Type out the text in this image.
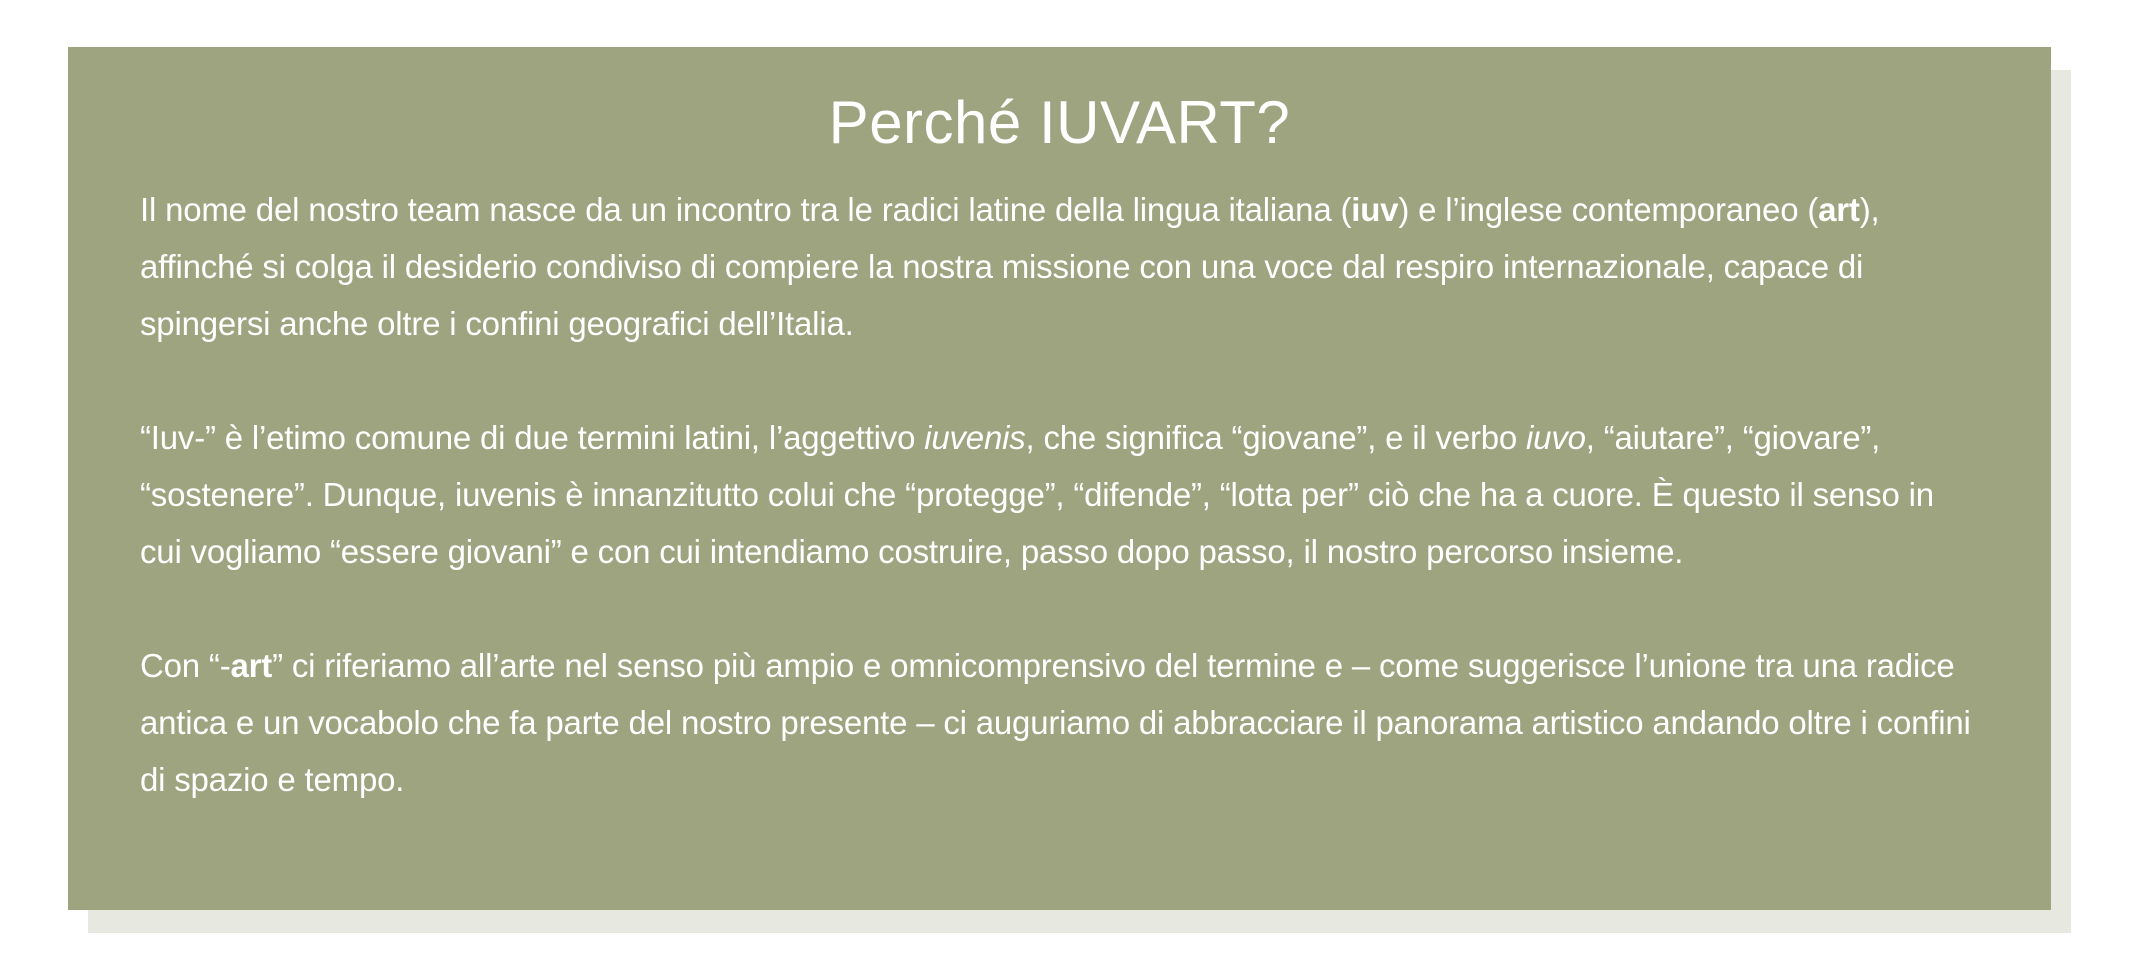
Perché IUVART?

Il nome del nostro team nasce da un incontro tra le radici latine della lingua italiana (iuv) e l’inglese contemporaneo (art), affinché si colga il desiderio condiviso di compiere la nostra missione con una voce dal respiro internazionale, capace di spingersi anche oltre i confini geografici dell’Italia.

“Iuv-” è l’etimo comune di due termini latini, l’aggettivo iuvenis, che significa “giovane”, e il verbo iuvo, “aiutare”, “giovare”, “sostenere”. Dunque, iuvenis è innanzitutto colui che “protegge”, “difende”, “lotta per” ciò che ha a cuore. È questo il senso in cui vogliamo “essere giovani” e con cui intendiamo costruire, passo dopo passo, il nostro percorso insieme.

Con “-art” ci riferiamo all’arte nel senso più ampio e omnicomprensivo del termine e – come suggerisce l’unione tra una radice antica e un vocabolo che fa parte del nostro presente – ci auguriamo di abbracciare il panorama artistico andando oltre i confini di spazio e tempo.
